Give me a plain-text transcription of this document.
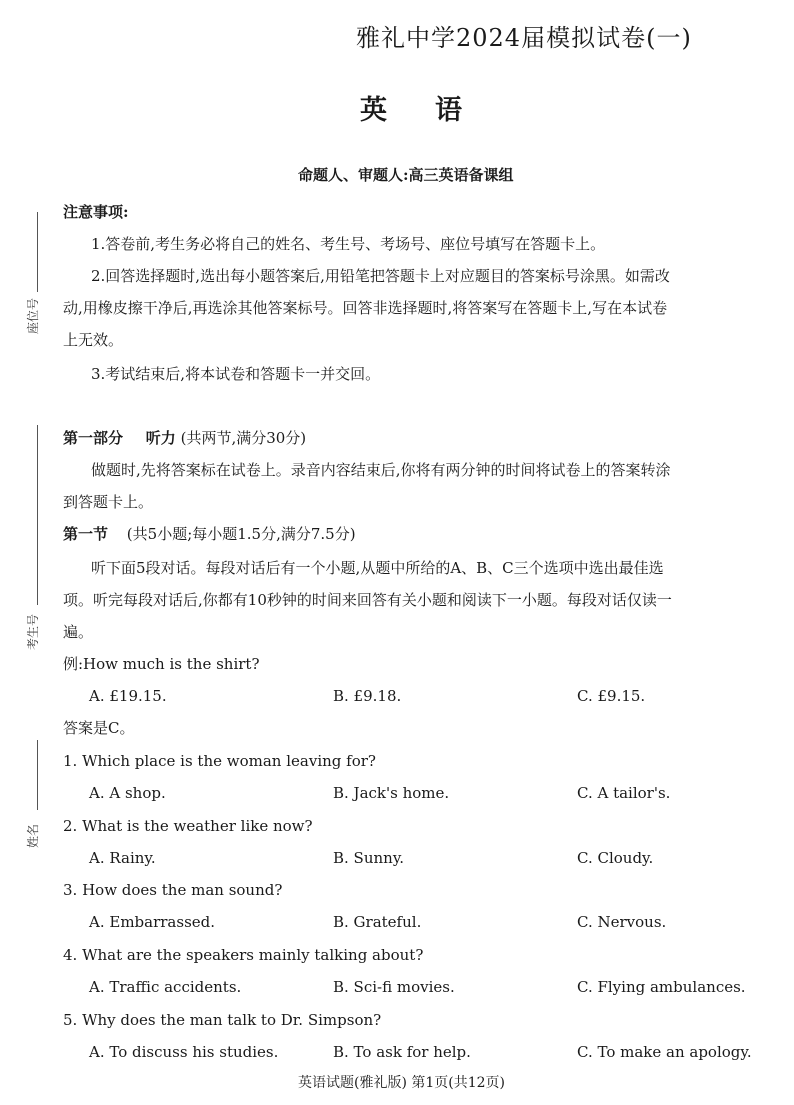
雅礼中学2024届模拟试卷(一)
英语
命题人、审题人:高三英语备课组
座位号
考生号
姓名
注意事项:
1.答卷前,考生务必将自己的姓名、考生号、考场号、座位号填写在答题卡上。
2.回答选择题时,选出每小题答案后,用铅笔把答题卡上对应题目的答案标号涂黑。如需改
动,用橡皮擦干净后,再选涂其他答案标号。回答非选择题时,将答案写在答题卡上,写在本试卷
上无效。
3.考试结束后,将本试卷和答题卡一并交回。
第一部分 听力 (共两节,满分30分)
做题时,先将答案标在试卷上。录音内容结束后,你将有两分钟的时间将试卷上的答案转涂
到答题卡上。
第一节 (共5小题;每小题1.5分,满分7.5分)
听下面5段对话。每段对话后有一个小题,从题中所给的A、B、C三个选项中选出最佳选
项。听完每段对话后,你都有10秒钟的时间来回答有关小题和阅读下一小题。每段对话仅读一
遍。
例:How much is the shirt?
A. £19.15.	B. £9.18.	C. £9.15.
答案是C。
1. Which place is the woman leaving for?
A. A shop.	B. Jack's home.	C. A tailor's.
2. What is the weather like now?
A. Rainy.	B. Sunny.	C. Cloudy.
3. How does the man sound?
A. Embarrassed.	B. Grateful.	C. Nervous.
4. What are the speakers mainly talking about?
A. Traffic accidents.	B. Sci-fi movies.	C. Flying ambulances.
5. Why does the man talk to Dr. Simpson?
A. To discuss his studies.	B. To ask for help.	C. To make an apology.
英语试题(雅礼版) 第1页(共12页)
